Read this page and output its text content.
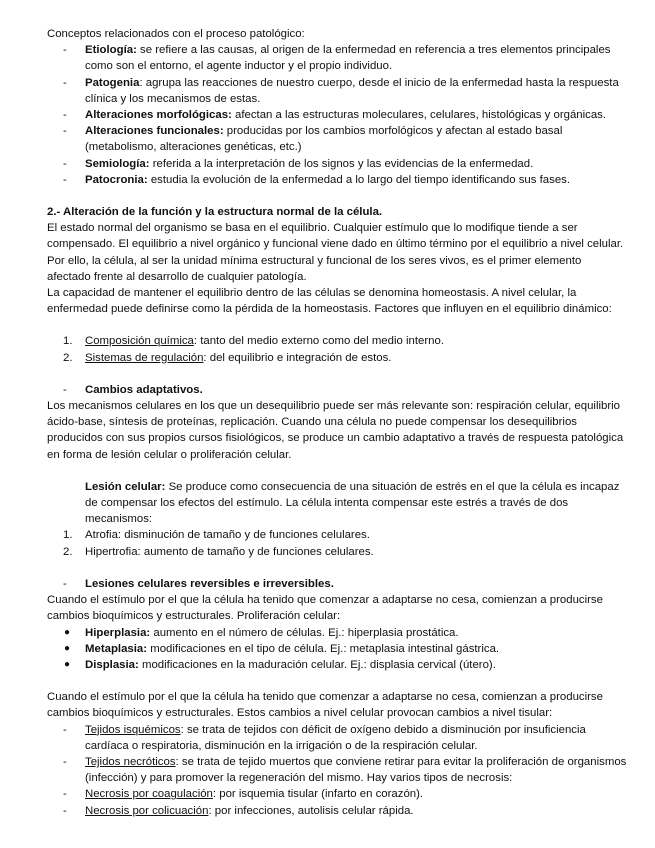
Conceptos relacionados con el proceso patológico:

- Etiología: se refiere a las causas, al origen de la enfermedad en referencia a tres elementos principales como son el entorno, el agente inductor y el propio individuo.
- Patogenia: agrupa las reacciones de nuestro cuerpo, desde el inicio de la enfermedad hasta la respuesta clínica y los mecanismos de estas.
- Alteraciones morfológicas: afectan a las estructuras moleculares, celulares, histológicas y orgánicas.
- Alteraciones funcionales: producidas por los cambios morfológicos y afectan al estado basal (metabolismo, alteraciones genéticas, etc.)
- Semiología: referida a la interpretación de los signos y las evidencias de la enfermedad.
- Patocronia: estudia la evolución de la enfermedad a lo largo del tiempo identificando sus fases.

2.- Alteración de la función y la estructura normal de la célula.

El estado normal del organismo se basa en el equilibrio. Cualquier estímulo que lo modifique tiende a ser compensado. El equilibrio a nivel orgánico y funcional viene dado en último término por el equilibrio a nivel celular. Por ello, la célula, al ser la unidad mínima estructural y funcional de los seres vivos, es el primer elemento afectado frente al desarrollo de cualquier patología.

La capacidad de mantener el equilibrio dentro de las células se denomina homeostasis. A nivel celular, la enfermedad puede definirse como la pérdida de la homeostasis. Factores que influyen en el equilibrio dinámico:

1. Composición química: tanto del medio externo como del medio interno.
2. Sistemas de regulación: del equilibrio e integración de estos.
- Cambios adaptativos.

Los mecanismos celulares en los que un desequilibrio puede ser más relevante son: respiración celular, equilibrio ácido-base, síntesis de proteínas, replicación. Cuando una célula no puede compensar los desequilibrios producidos con sus propios cursos fisiológicos, se produce un cambio adaptativo a través de respuesta patológica en forma de lesión celular o proliferación celular.

Lesión celular: Se produce como consecuencia de una situación de estrés en el que la célula es incapaz de compensar los efectos del estímulo. La célula intenta compensar este estrés a través de dos mecanismos:

1. Atrofia: disminución de tamaño y de funciones celulares.
2. Hipertrofia: aumento de tamaño y de funciones celulares.
- Lesiones celulares reversibles e irreversibles.

Cuando el estímulo por el que la célula ha tenido que comenzar a adaptarse no cesa, comienzan a producirse cambios bioquímicos y estructurales. Proliferación celular:

● Hiperplasia: aumento en el número de células. Ej.: hiperplasia prostática.
● Metaplasia: modificaciones en el tipo de célula. Ej.: metaplasia intestinal gástrica.
● Displasia: modificaciones en la maduración celular. Ej.: displasia cervical (útero).

Cuando el estímulo por el que la célula ha tenido que comenzar a adaptarse no cesa, comienzan a producirse cambios bioquímicos y estructurales. Estos cambios a nivel celular provocan cambios a nivel tisular:

- Tejidos isquémicos: se trata de tejidos con déficit de oxígeno debido a disminución por insuficiencia cardíaca o respiratoria, disminución en la irrigación o de la respiración celular.
- Tejidos necróticos: se trata de tejido muertos que conviene retirar para evitar la proliferación de organismos (infección) y para promover la regeneración del mismo. Hay varios tipos de necrosis:
- Necrosis por coagulación: por isquemia tisular (infarto en corazón).
- Necrosis por colicuación: por infecciones, autolisis celular rápida.
